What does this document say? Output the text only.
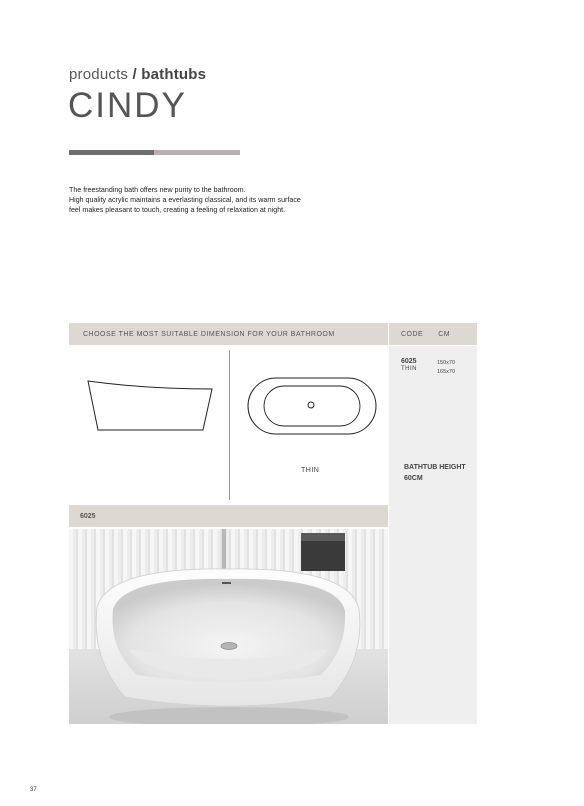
products / bathtubs
CINDY

The freestanding bath offers new purity to the bathroom.

High quality acrylic maintains a everlasting classical, and its warm surface

feel makes pleasant to touch, creating a feeling of relaxation at night.

CHOOSE THE MOST SUITABLE DIMENSION FOR YOUR BATHROOM	CODE CM
6025
THIN
150x70
165x70
BATHTUB HEIGHT
60CM
THIN
6025
37
